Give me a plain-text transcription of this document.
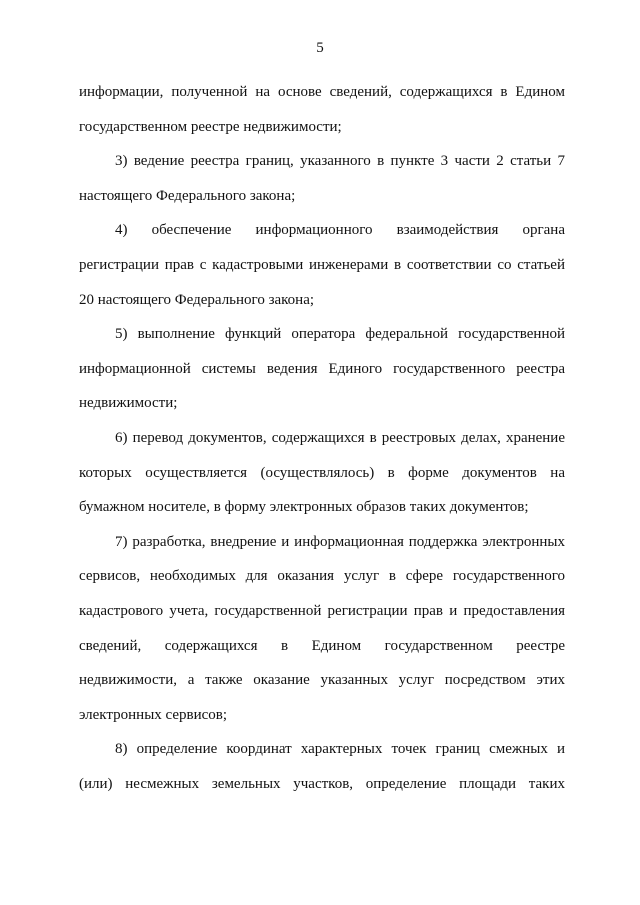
5

информации, полученной на основе сведений, содержащихся в Едином

государственном реестре недвижимости;

3) ведение реестра границ, указанного в пункте 3 части 2 статьи 7

настоящего Федерального закона;

4) обеспечение информационного взаимодействия органа

регистрации прав с кадастровыми инженерами в соответствии со статьей

20 настоящего Федерального закона;

5) выполнение функций оператора федеральной государственной

информационной системы ведения Единого государственного реестра

недвижимости;

6) перевод документов, содержащихся в реестровых делах, хранение

которых осуществляется (осуществлялось) в форме документов на

бумажном носителе, в форму электронных образов таких документов;

7) разработка, внедрение и информационная поддержка электронных

сервисов, необходимых для оказания услуг в сфере государственного

кадастрового учета, государственной регистрации прав и предоставления

сведений, содержащихся в Едином государственном реестре

недвижимости, а также оказание указанных услуг посредством этих

электронных сервисов;

8) определение координат характерных точек границ смежных и

(или) несмежных земельных участков, определение площади таких
